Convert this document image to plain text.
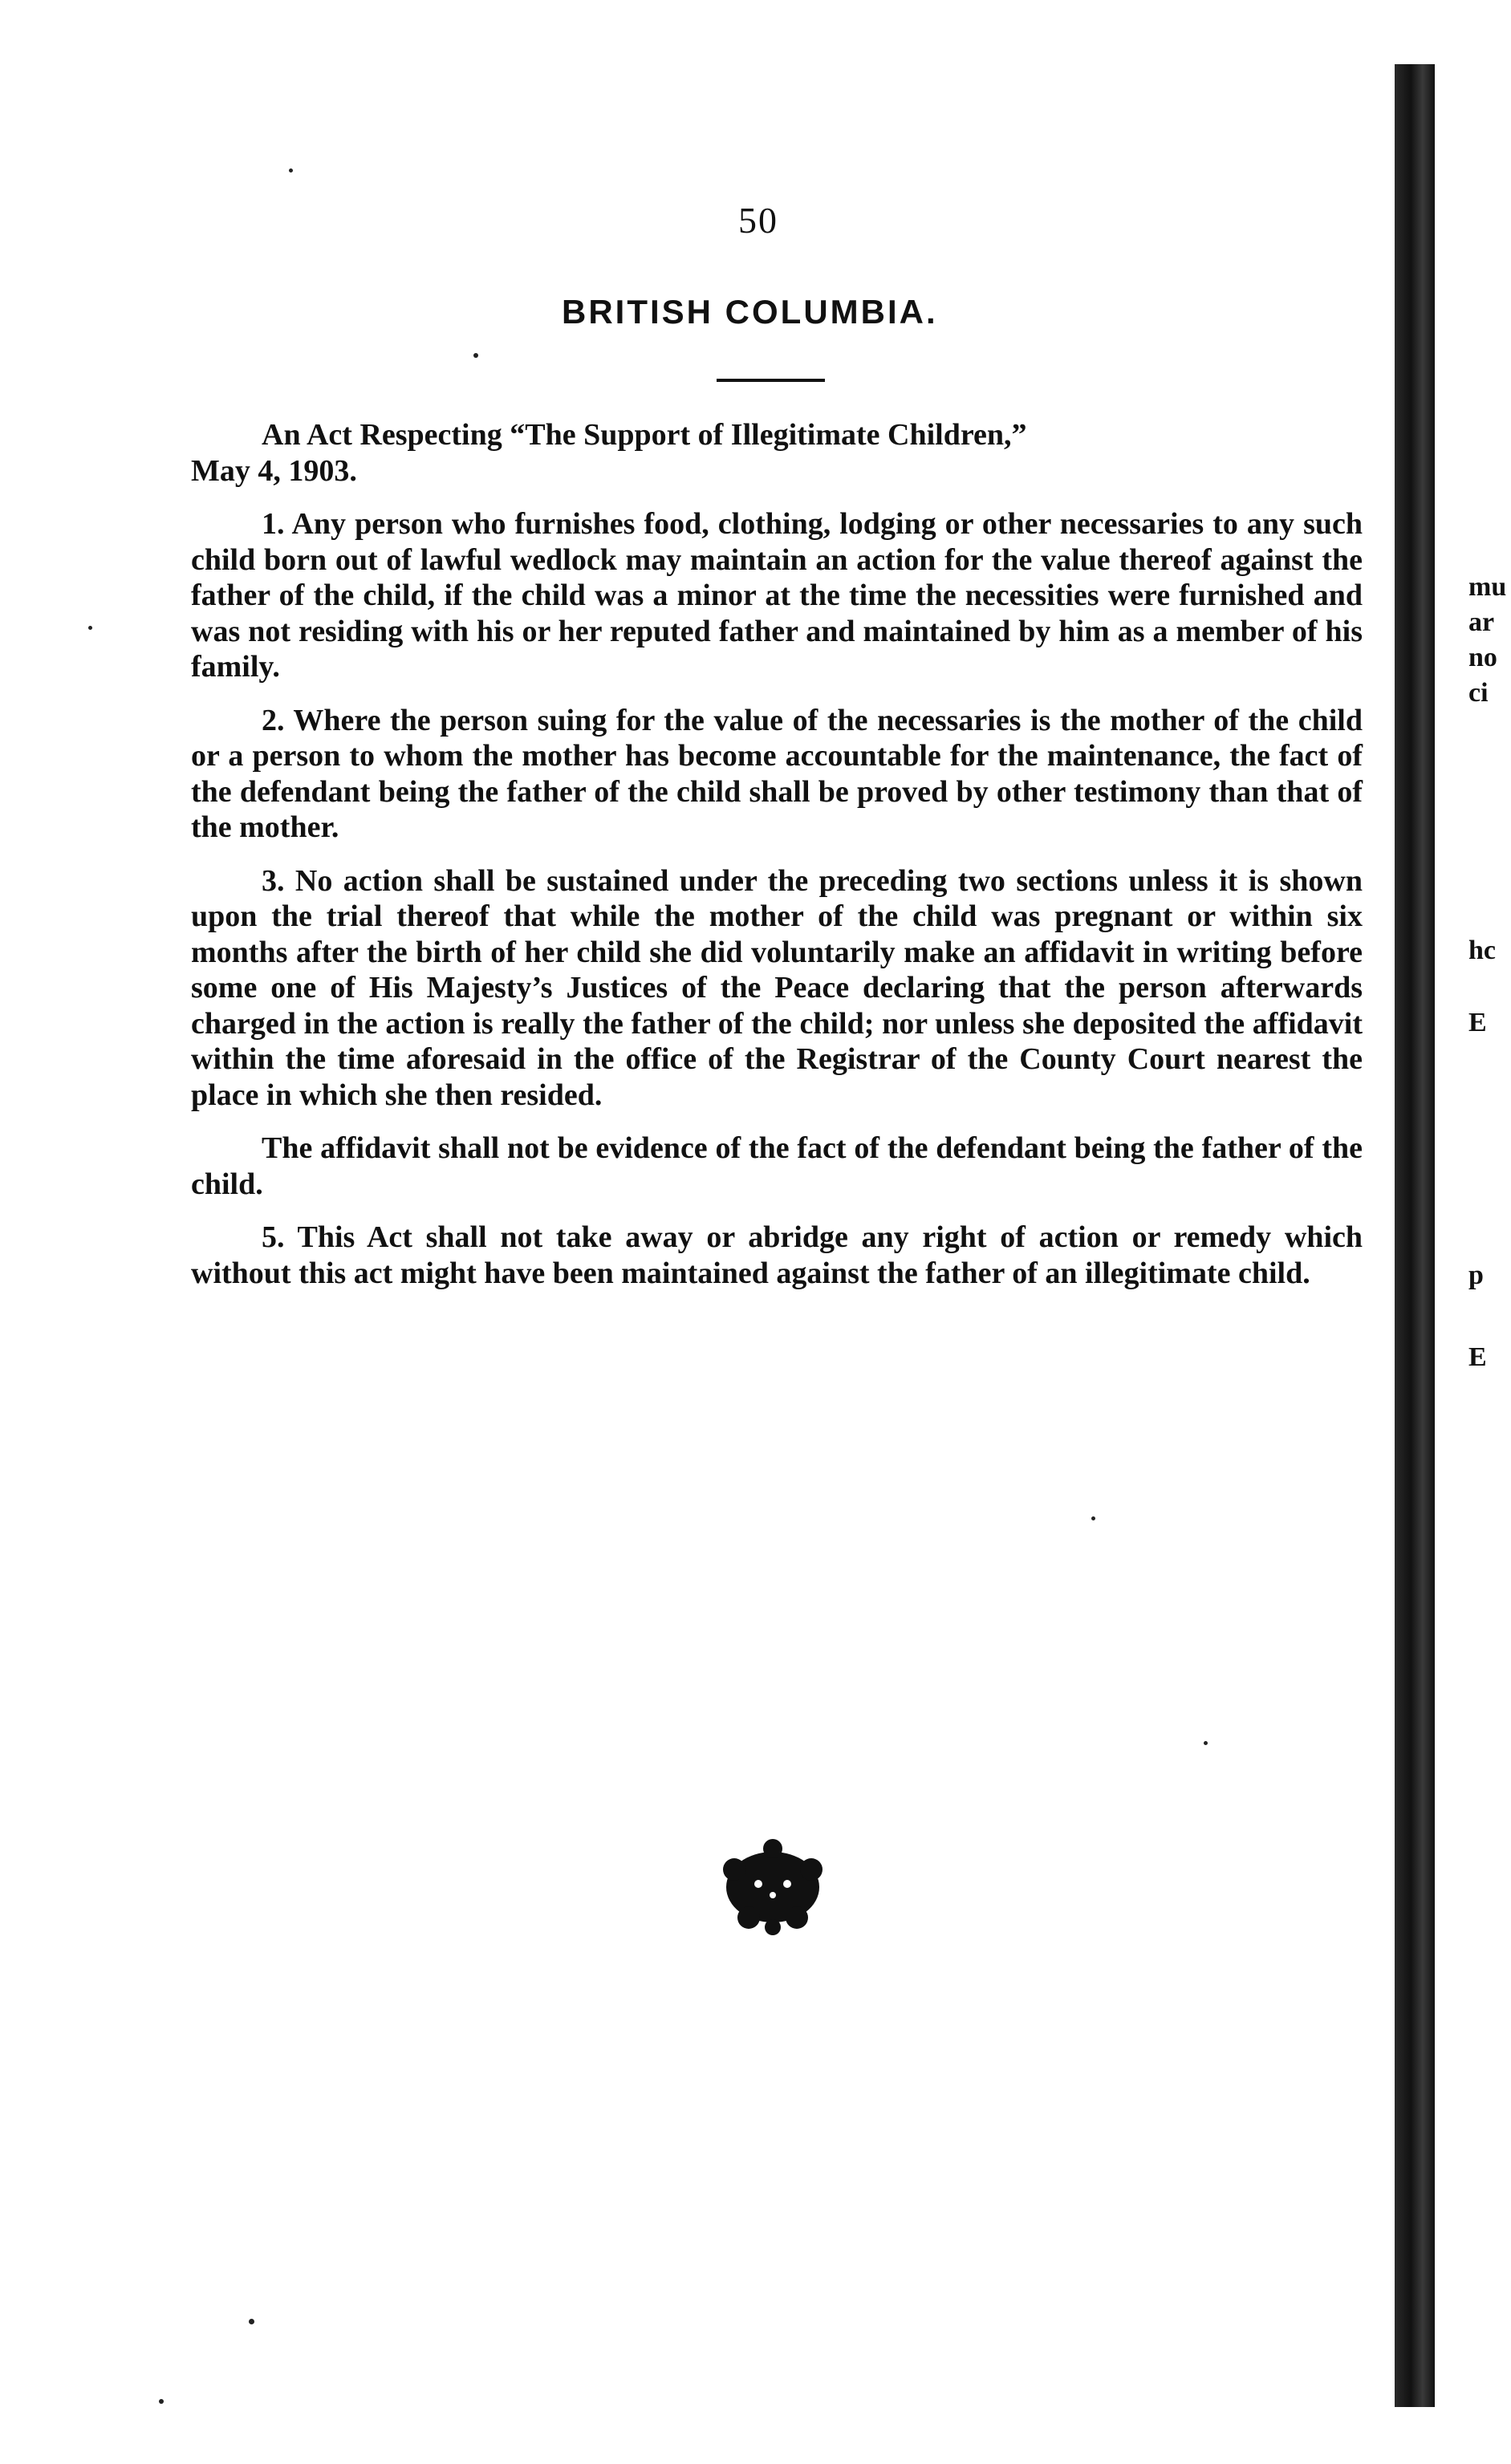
50
BRITISH COLUMBIA.
An Act Respecting “The Support of Illegitimate Children,”
May 4, 1903.

1. Any person who furnishes food, clothing, lodging or other necessaries to any such child born out of lawful wedlock may maintain an action for the value thereof against the father of the child, if the child was a minor at the time the necessities were furnished and was not residing with his or her reputed father and maintained by him as a member of his family.

2. Where the person suing for the value of the necessaries is the mother of the child or a person to whom the mother has become accountable for the maintenance, the fact of the defendant being the father of the child shall be proved by other testimony than that of the mother.

3. No action shall be sustained under the preceding two sections unless it is shown upon the trial thereof that while the mother of the child was pregnant or within six months after the birth of her child she did voluntarily make an affidavit in writing before some one of His Majesty’s Justices of the Peace declaring that the person afterwards charged in the action is really the father of the child; nor unless she deposited the affidavit within the time aforesaid in the office of the Registrar of the County Court nearest the place in which she then resided.

The affidavit shall not be evidence of the fact of the defendant being the father of the child.

5. This Act shall not take away or abridge any right of action or remedy which without this act might have been maintained against the father of an illegitimate child.

mu
ar
no
ci
hc
E
p
E
